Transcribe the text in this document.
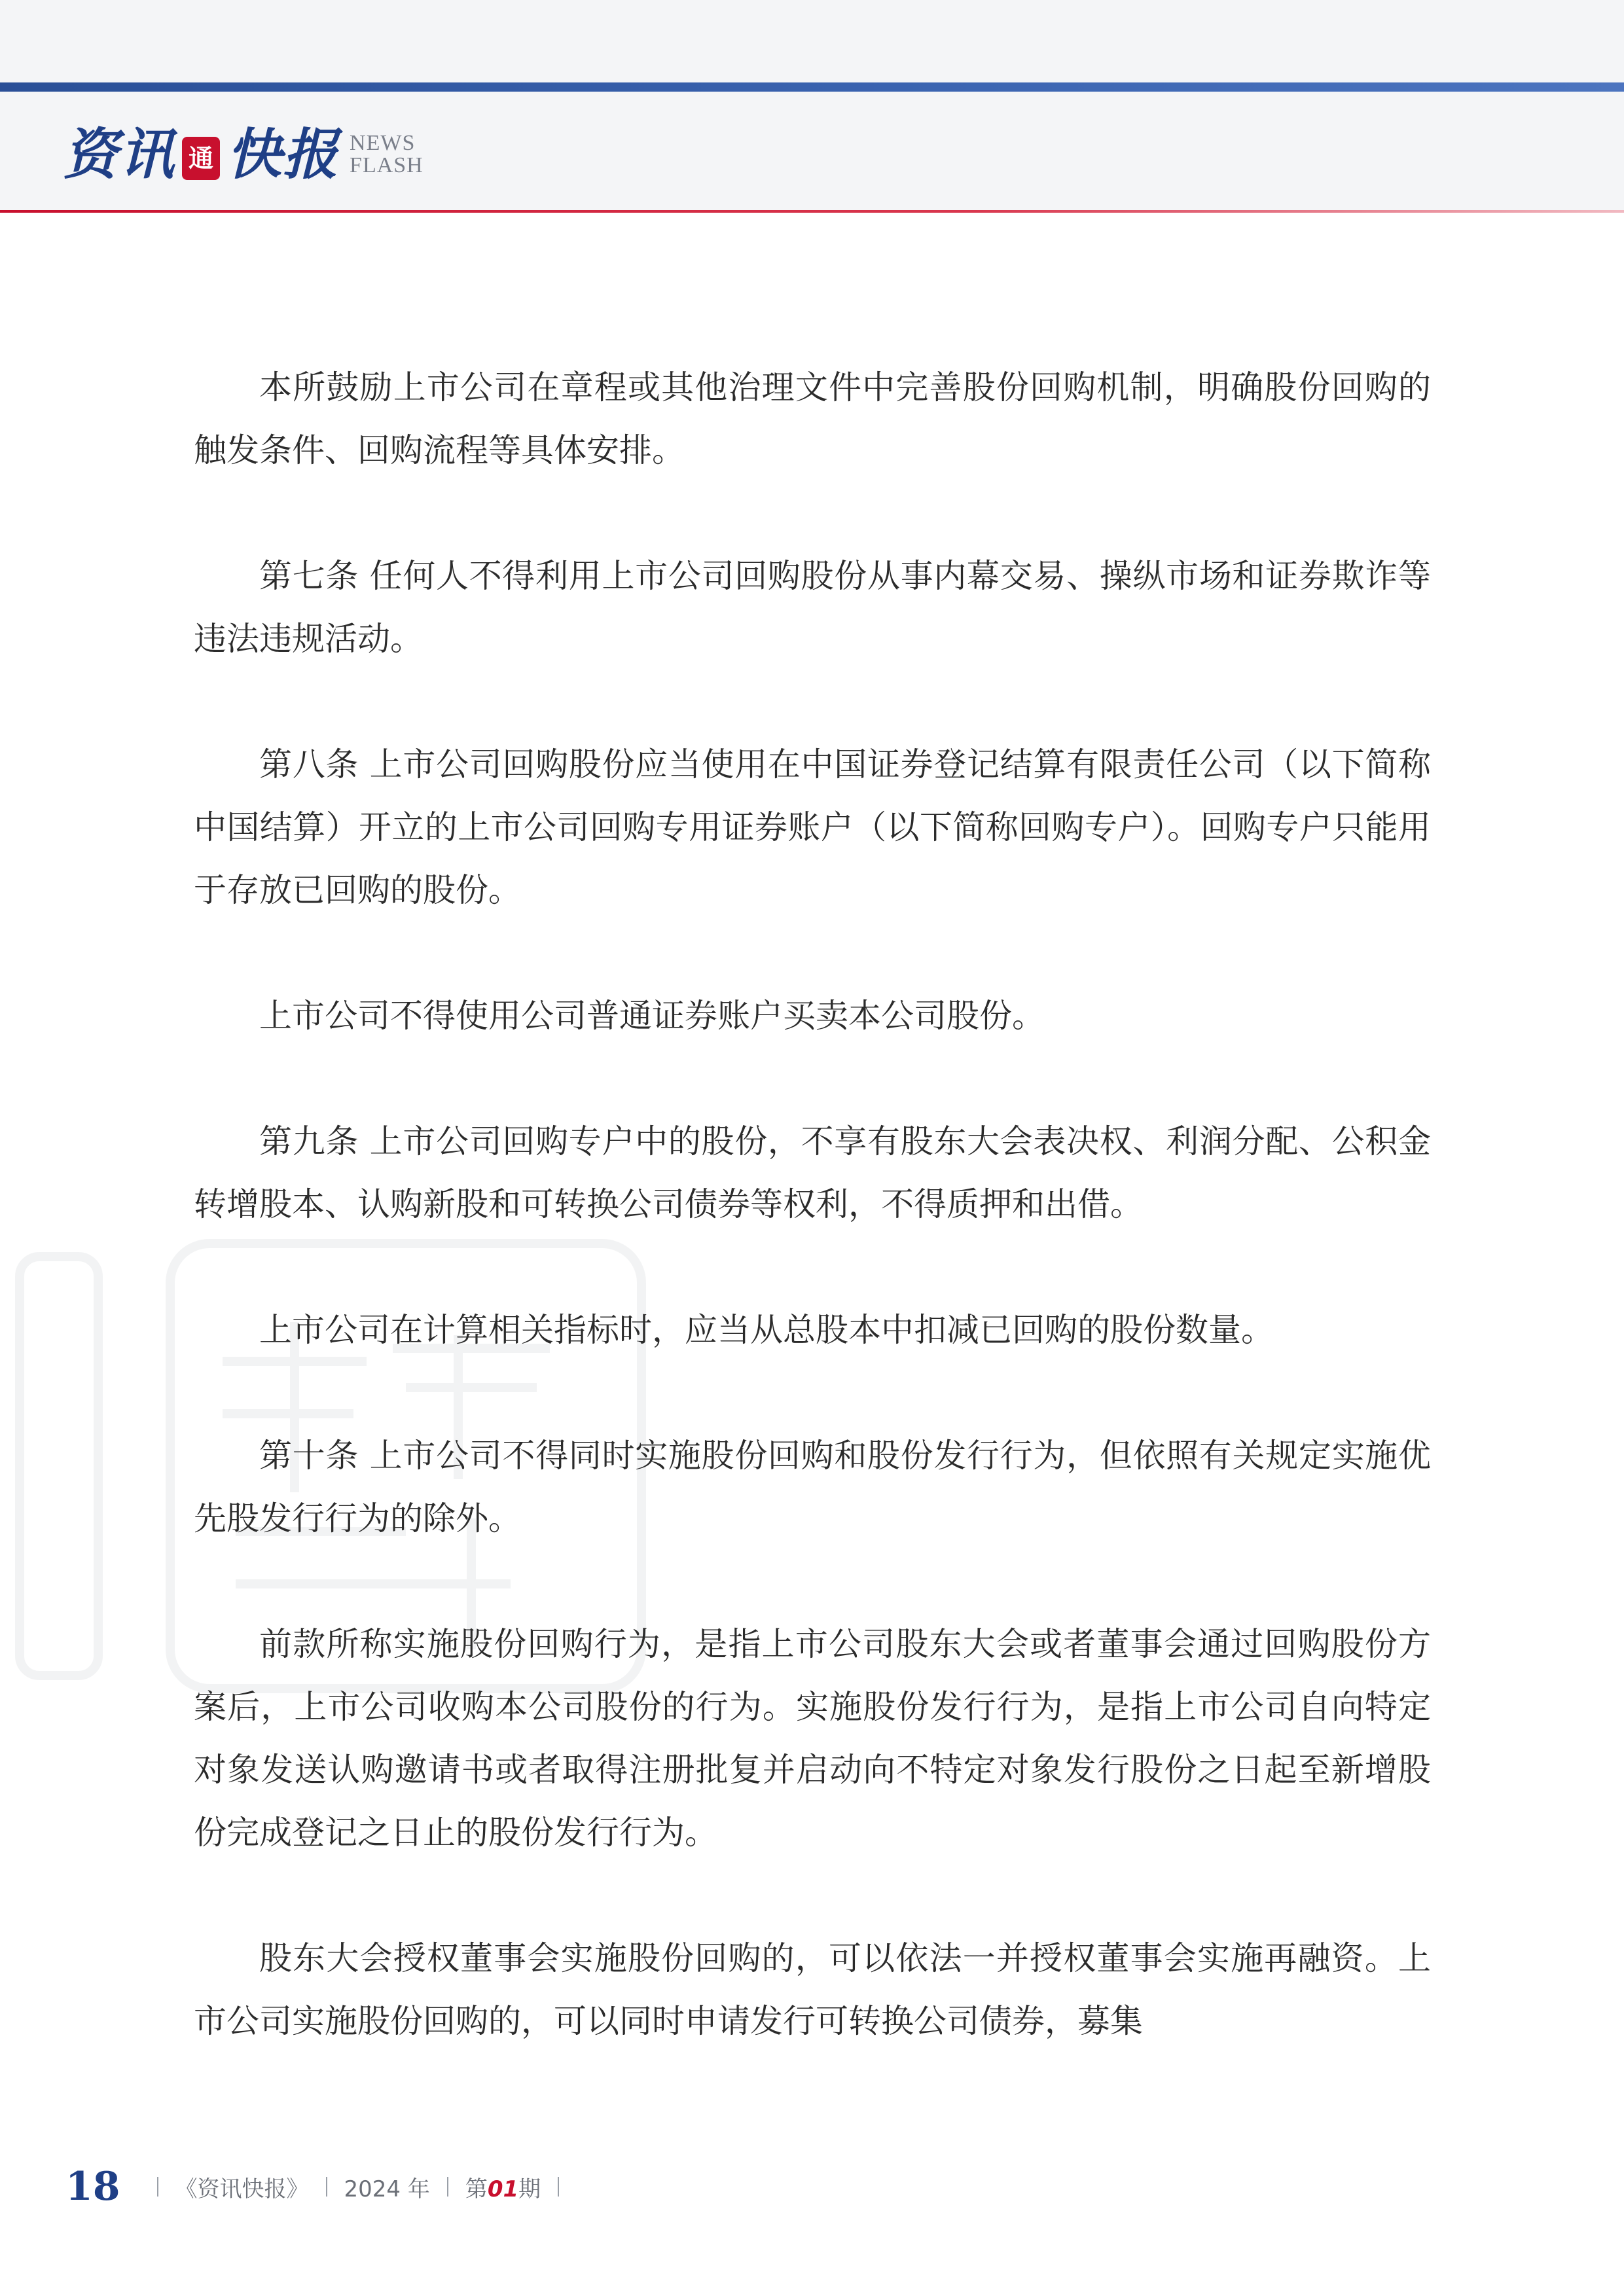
资讯 通 快报 NEWS
FLASH

本所鼓励上市公司在章程或其他治理文件中完善股份回购机制，明确股份回购的触发条件、回购流程等具体安排。

第七条 任何人不得利用上市公司回购股份从事内幕交易、操纵市场和证券欺诈等违法违规活动。

第八条 上市公司回购股份应当使用在中国证券登记结算有限责任公司（以下简称中国结算）开立的上市公司回购专用证券账户（以下简称回购专户）。回购专户只能用于存放已回购的股份。

上市公司不得使用公司普通证券账户买卖本公司股份。

第九条 上市公司回购专户中的股份，不享有股东大会表决权、利润分配、公积金转增股本、认购新股和可转换公司债券等权利，不得质押和出借。

上市公司在计算相关指标时，应当从总股本中扣减已回购的股份数量。

第十条 上市公司不得同时实施股份回购和股份发行行为，但依照有关规定实施优先股发行行为的除外。

前款所称实施股份回购行为，是指上市公司股东大会或者董事会通过回购股份方案后，上市公司收购本公司股份的行为。实施股份发行行为，是指上市公司自向特定对象发送认购邀请书或者取得注册批复并启动向不特定对象发行股份之日起至新增股份完成登记之日止的股份发行行为。

股东大会授权董事会实施股份回购的，可以依法一并授权董事会实施再融资。上市公司实施股份回购的，可以同时申请发行可转换公司债券，募集

18 《资讯快报》 2024 年 第01期
